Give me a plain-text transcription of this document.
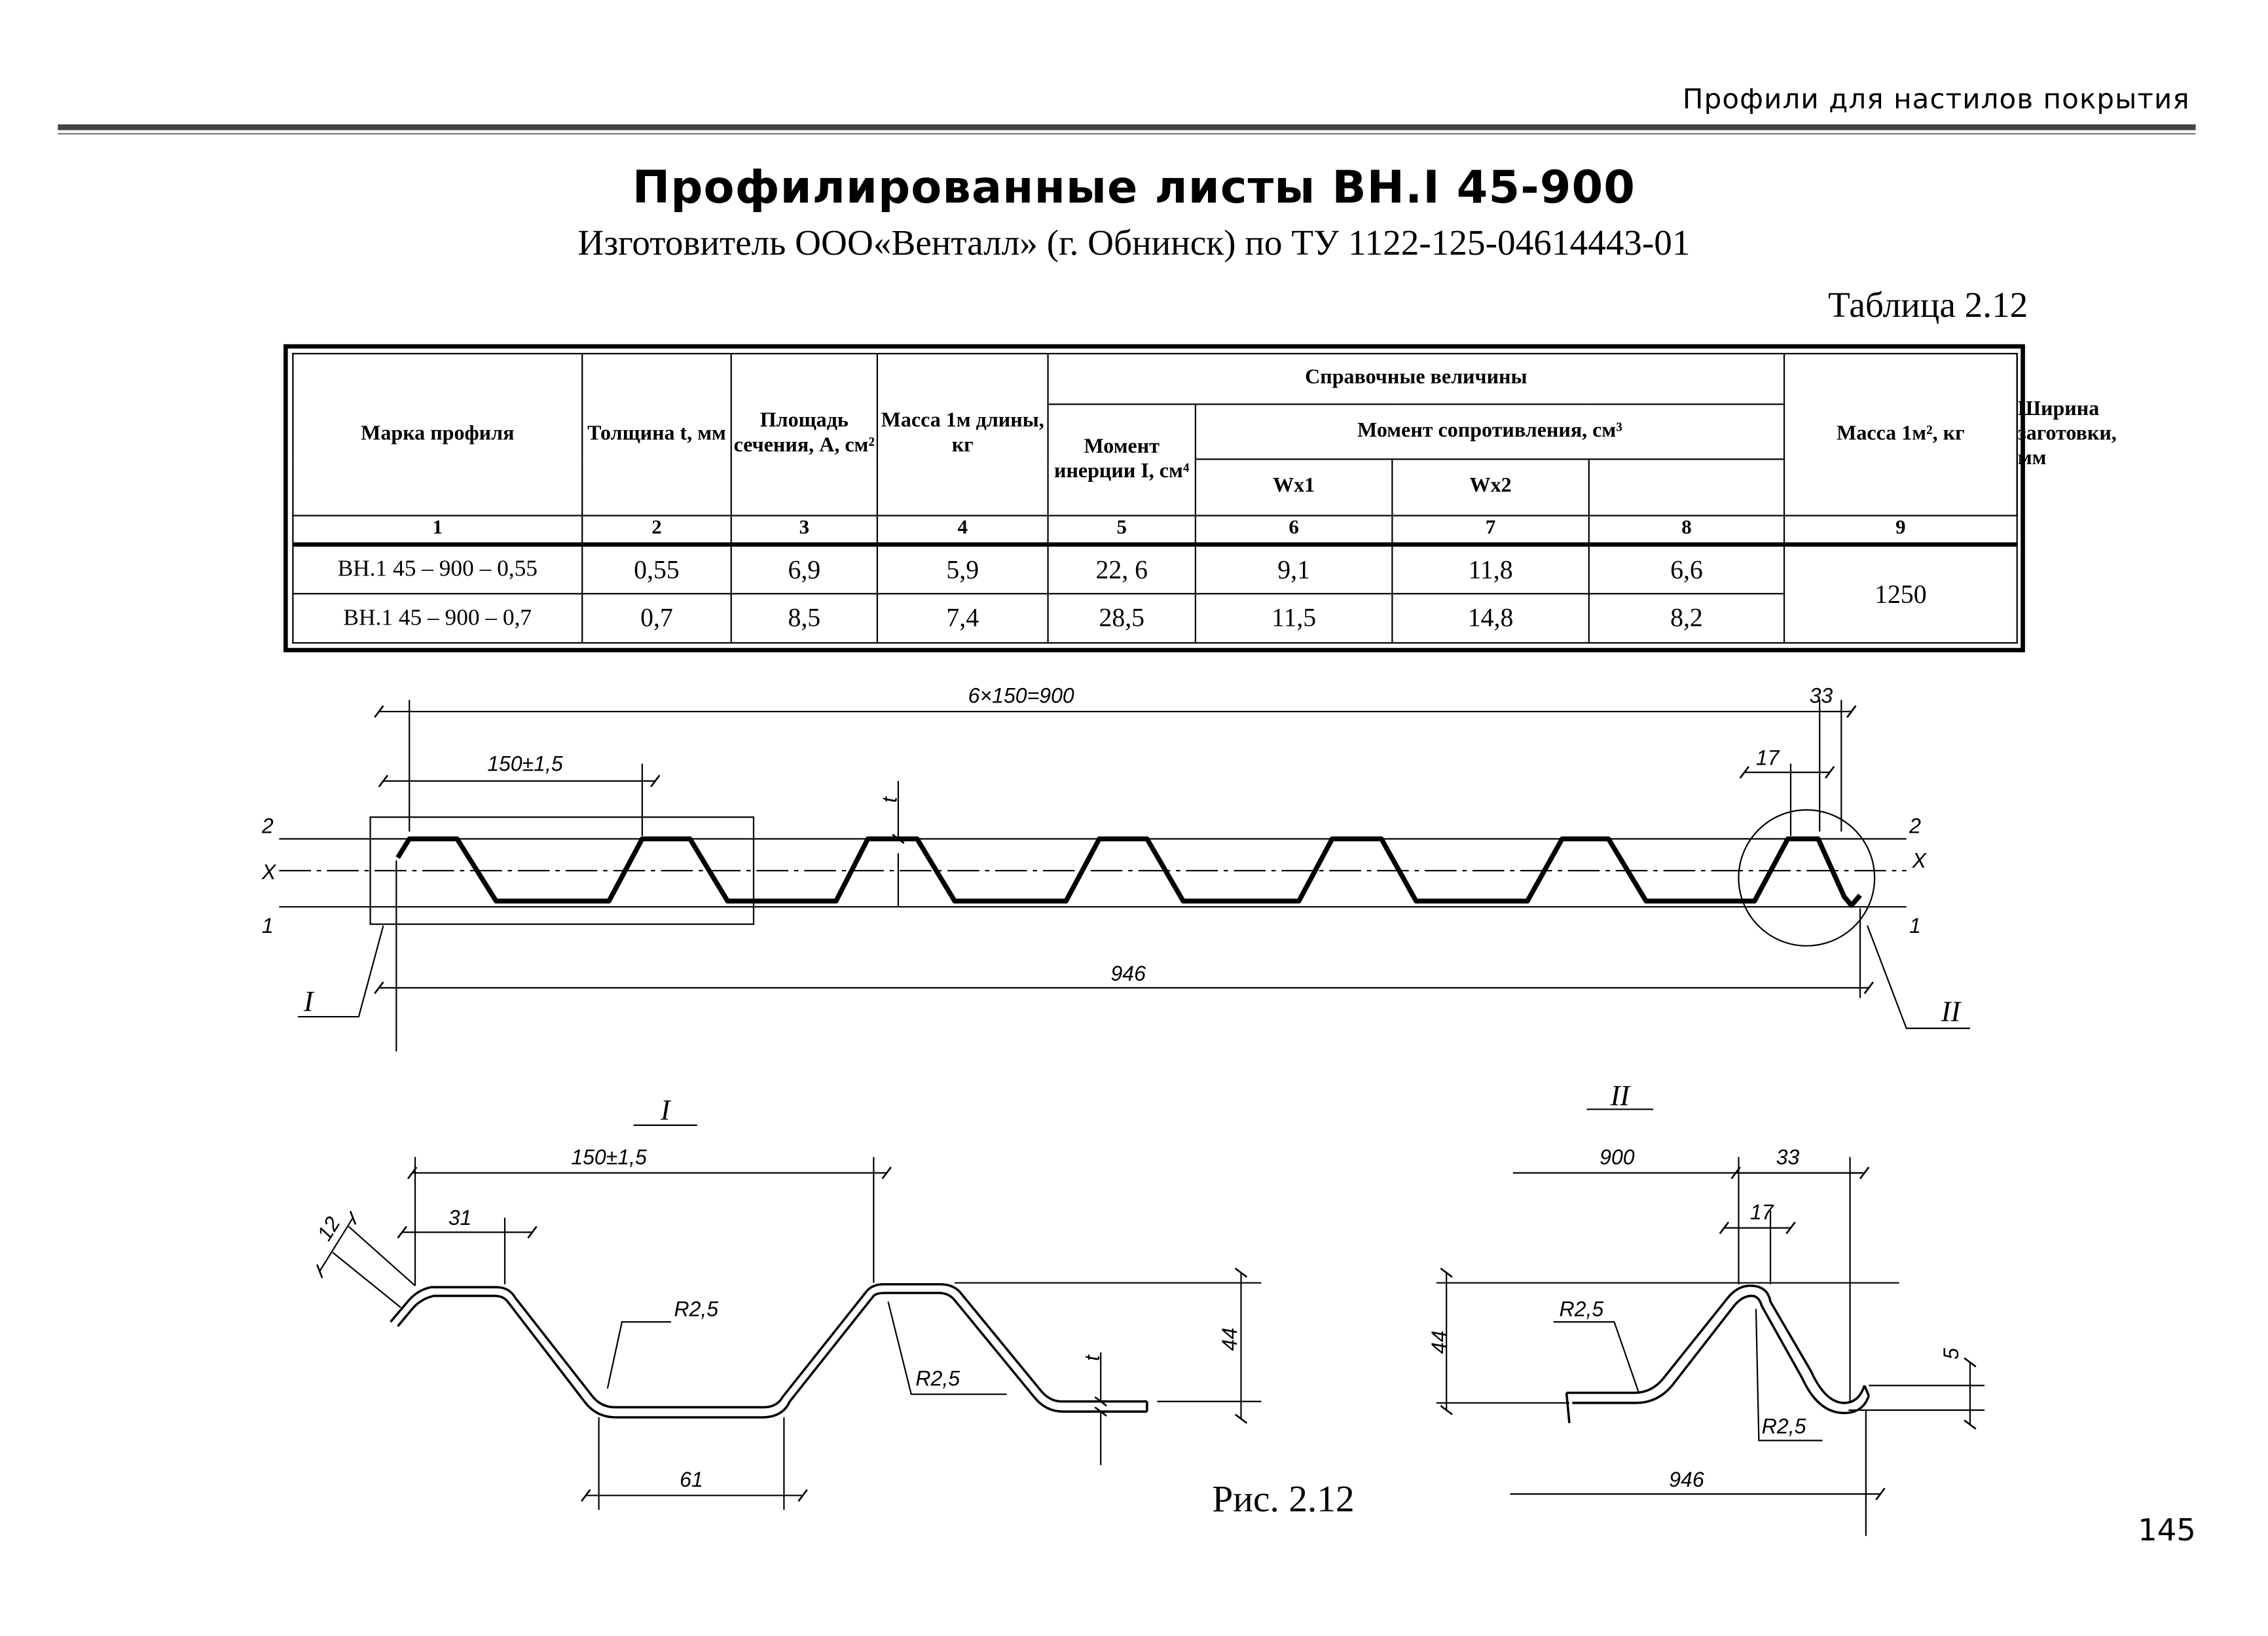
Профили для настилов покрытия
Профилированные листы ВН.I 45-900
Изготовитель ООО«Венталл» (г. Обнинск) по ТУ 1122-125-04614443-01
Таблица 2.12
Марка профиля	Толщина t, мм	Площадь сечения, А, см²	Масса 1м длины, кг	Справочные величины				Масса 1м², кг	Ширина заготовки, мм
				Момент инерции I, см⁴	Момент сопротивления, см³				
					Wx1	Wx2			
1	2	3	4	5	6	7	8	9	
ВН.1 45 – 900 – 0,55	0,55	6,9	5,9	22, 6	9,1	11,8	6,6	1250	
ВН.1 45 – 900 – 0,7	0,7	8,5	7,4	28,5	11,5	14,8	8,2		
6×150=900	33
150±1,5	17
t
946
2
X
1
2
X
1
I	II
I
150±1,5
31
12
R2,5
R2,5
t
44
61
II
900	33
17
R2,5
R2,5
44	5
946
Рис. 2.12
145
